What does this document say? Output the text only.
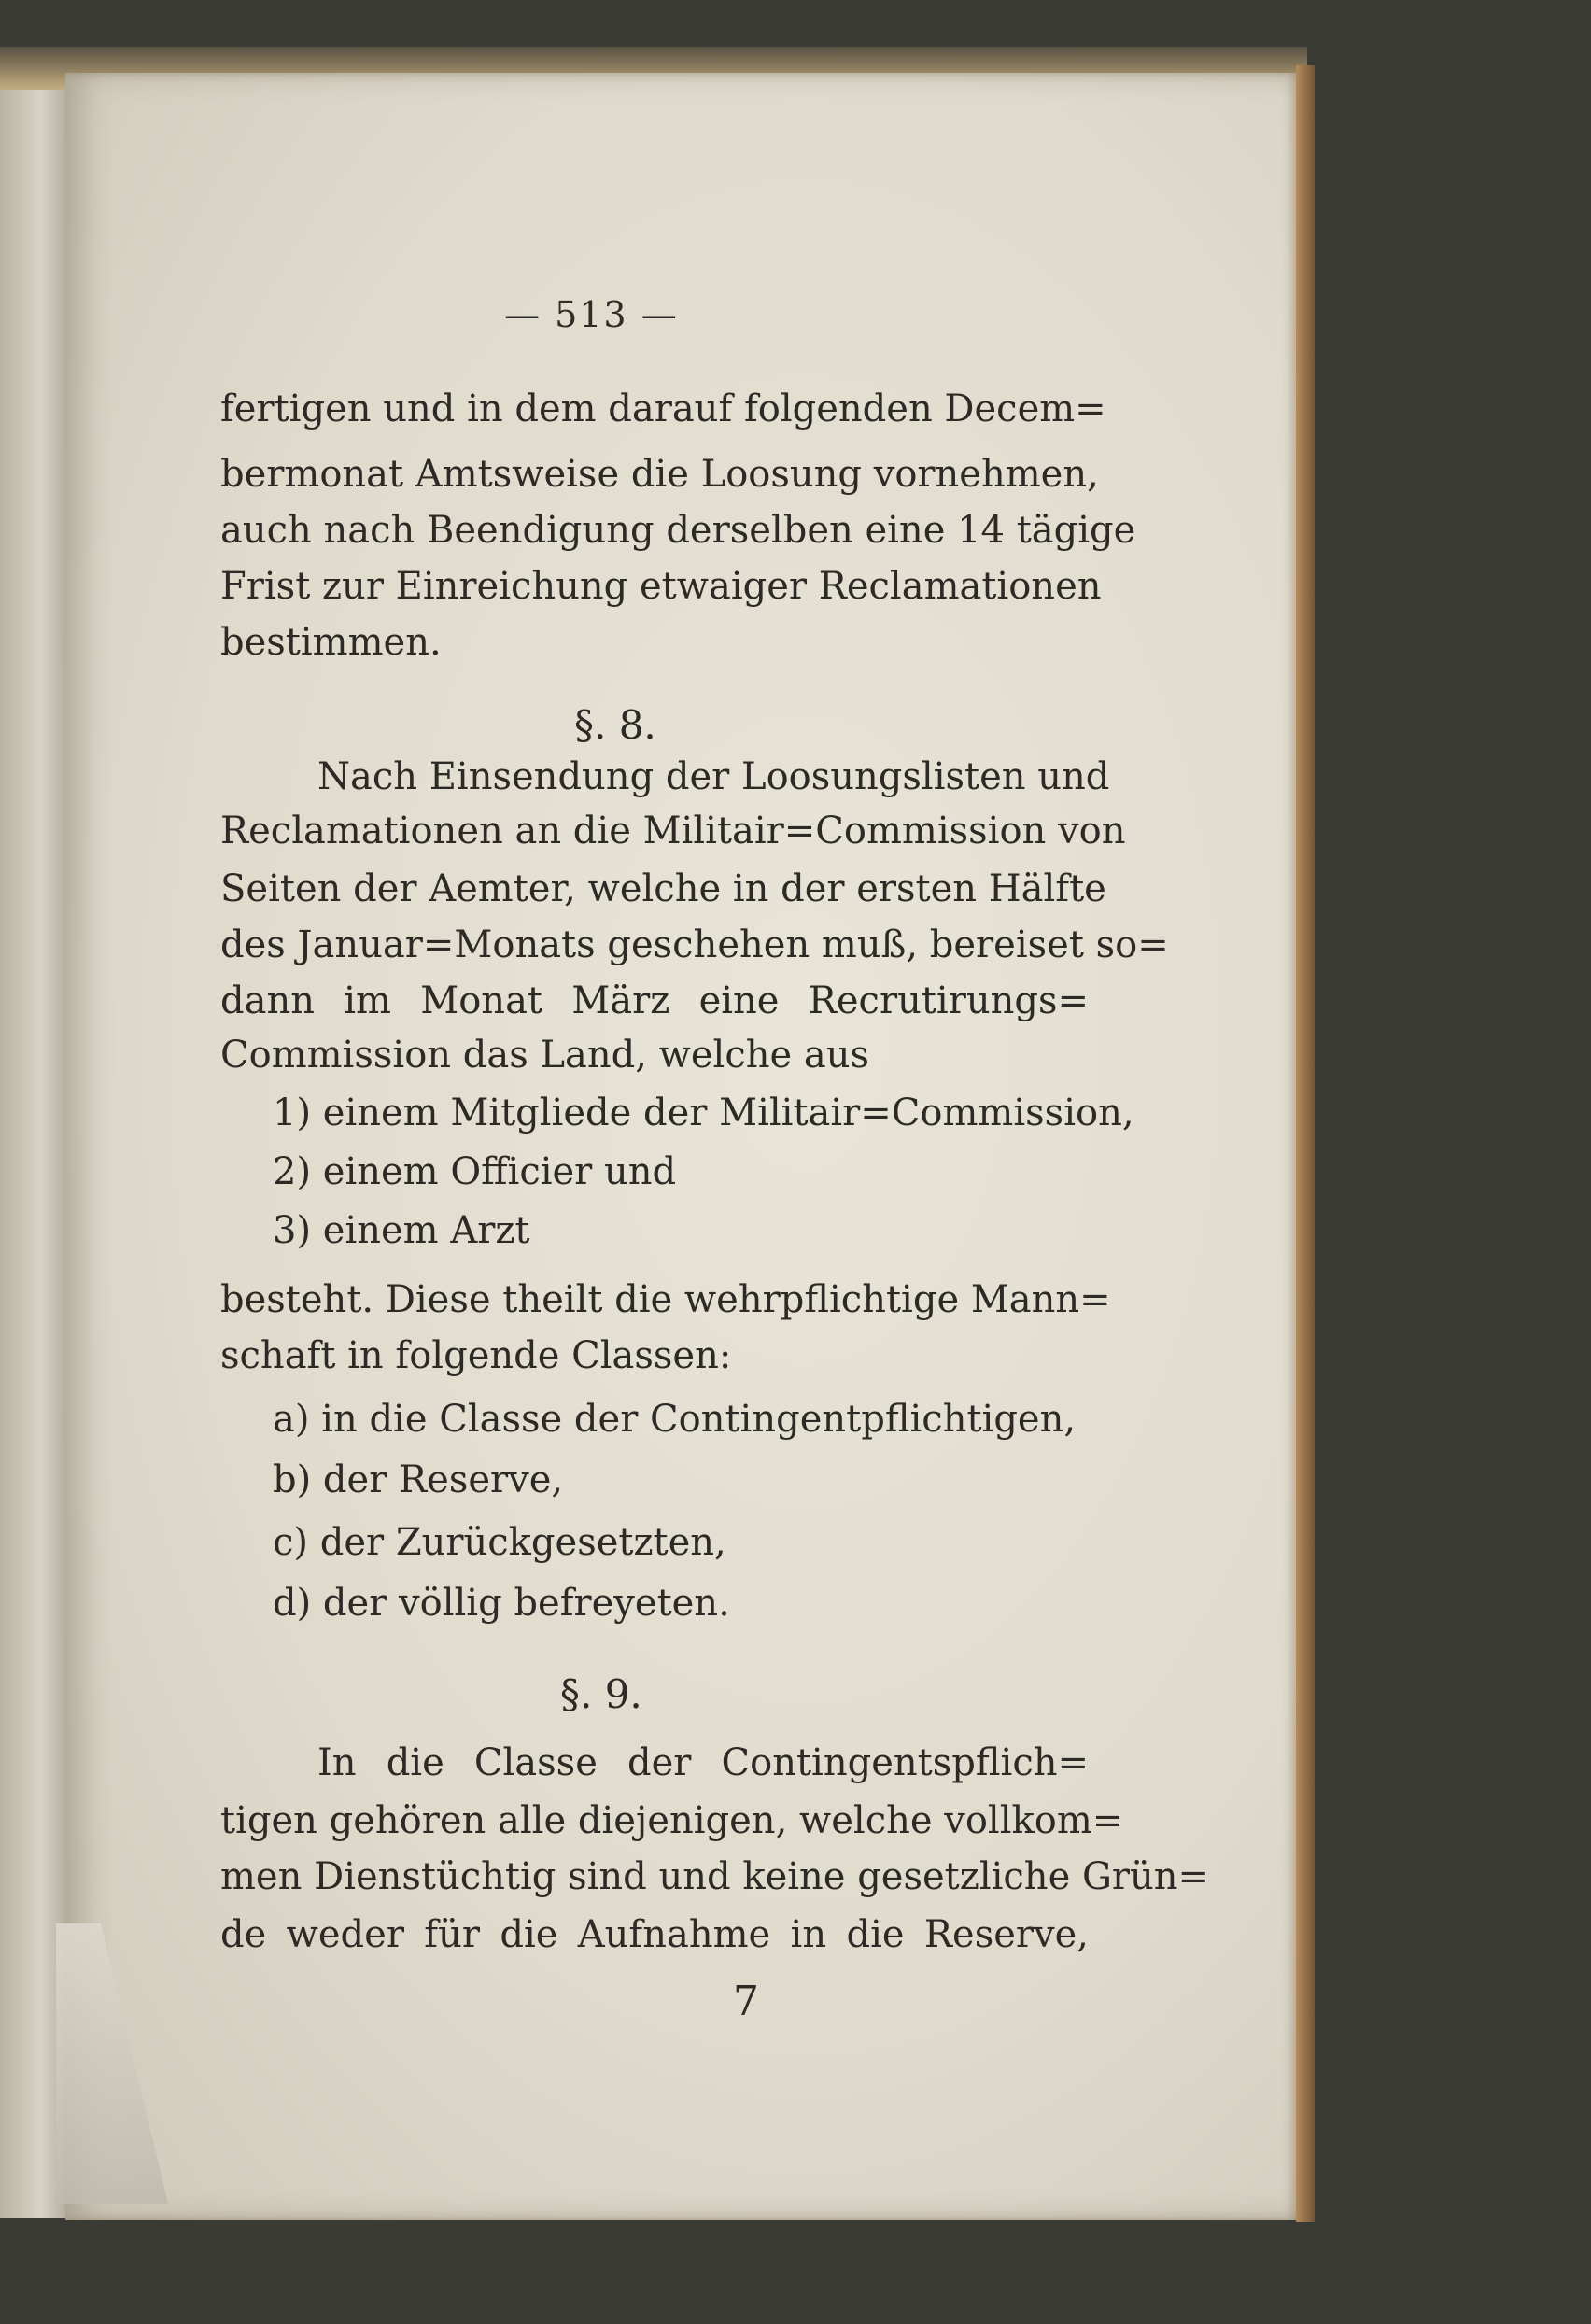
— 513 —
fertigen und in dem darauf folgenden Decem=
bermonat Amtsweise die Loosung vornehmen,
auch nach Beendigung derselben eine 14 tägige
Frist zur Einreichung etwaiger Reclamationen
bestimmen.
§. 8.
Nach Einsendung der Loosungslisten und
Reclamationen an die Militair=Commission von
Seiten der Aemter, welche in der ersten Hälfte
des Januar=Monats geschehen muß, bereiset so=
dann im Monat März eine Recrutirungs=
Commission das Land, welche aus
1) einem Mitgliede der Militair=Commission,
2) einem Officier und
3) einem Arzt
besteht. Diese theilt die wehrpflichtige Mann=
schaft in folgende Classen:
a) in die Classe der Contingentpflichtigen,
b) der Reserve,
c) der Zurückgesetzten,
d) der völlig befreyeten.
§. 9.
In die Classe der Contingentspflich=
tigen gehören alle diejenigen, welche vollkom=
men Dienstüchtig sind und keine gesetzliche Grün=
de weder für die Aufnahme in die Reserve,
7
